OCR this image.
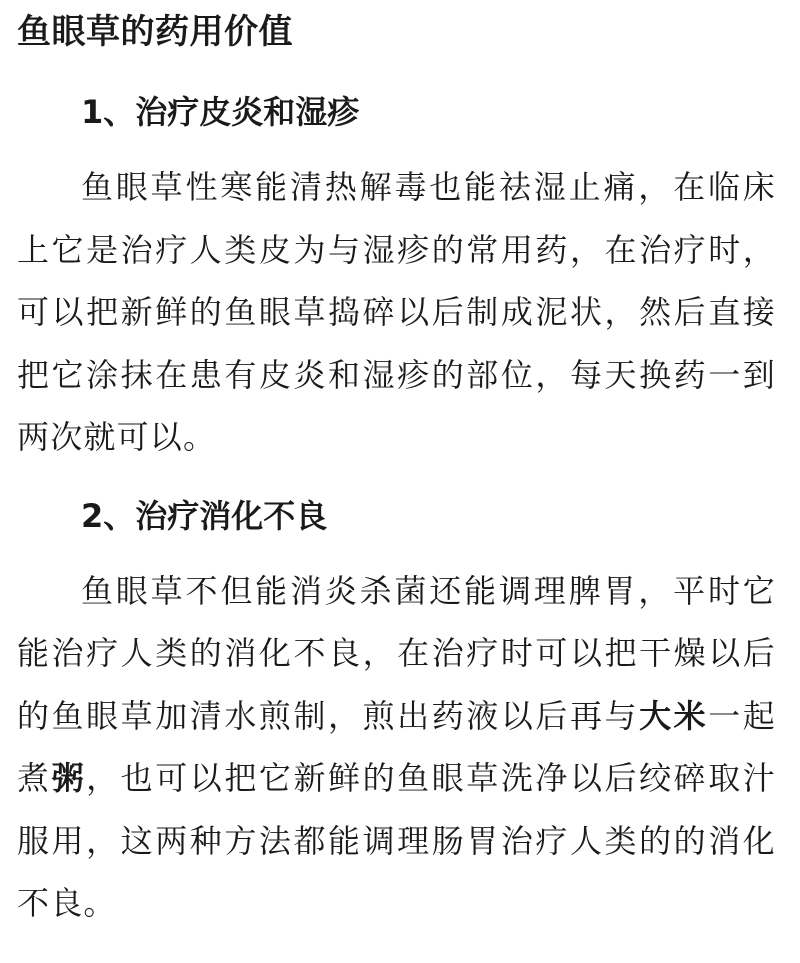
鱼眼草的药用价值
1、治疗皮炎和湿疹

鱼眼草性寒能清热解毒也能祛湿止痛，在临床上它是治疗人类皮为与湿疹的常用药，在治疗时，可以把新鲜的鱼眼草捣碎以后制成泥状，然后直接把它涂抹在患有皮炎和湿疹的部位，每天换药一到两次就可以。

2、治疗消化不良

鱼眼草不但能消炎杀菌还能调理脾胃，平时它能治疗人类的消化不良，在治疗时可以把干燥以后的鱼眼草加清水煎制，煎出药液以后再与大米一起煮粥，也可以把它新鲜的鱼眼草洗净以后绞碎取汁服用，这两种方法都能调理肠胃治疗人类的的消化不良。
